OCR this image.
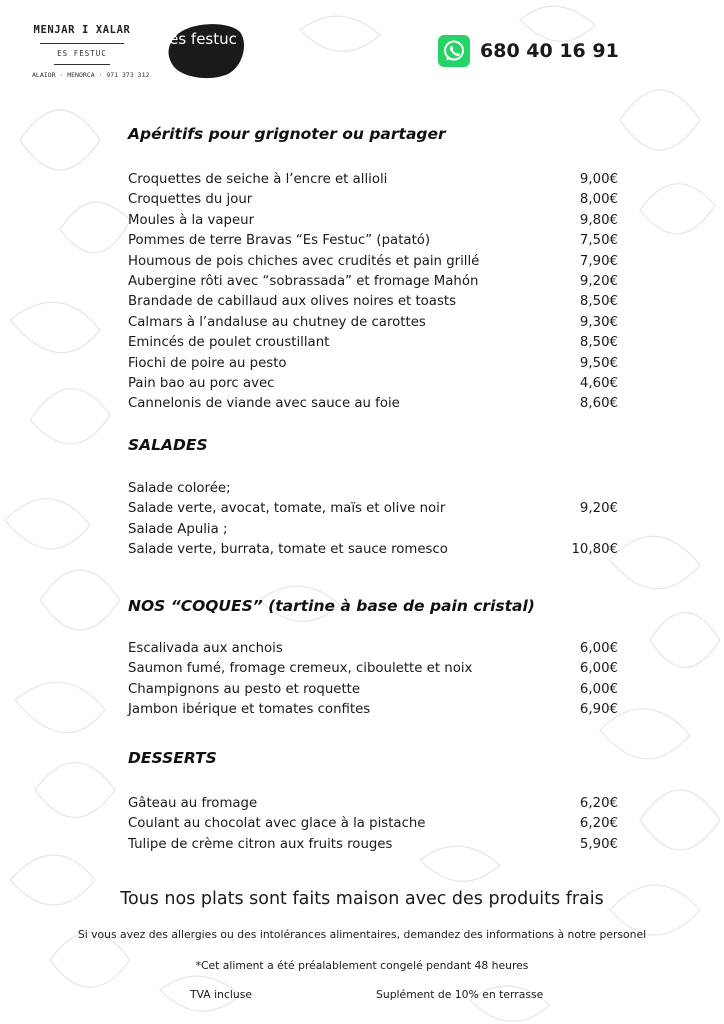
MENJAR I XALAR
ES FESTUC
ALAIOR · MENORCA · 971 373 312
es festuc
680 40 16 91
Apéritifs pour grignoter ou partager
Croquettes de seiche à l’encre et allioli	9,00€
Croquettes du jour	8,00€
Moules à la vapeur	9,80€
Pommes de terre Bravas “Es Festuc” (patató)	7,50€
Houmous de pois chiches avec crudités et pain grillé	7,90€
Aubergine rôti avec “sobrassada” et fromage Mahón	9,20€
Brandade de cabillaud aux olives noires et toasts	8,50€
Calmars à l’andaluse au chutney de carottes	9,30€
Emincés de poulet croustillant	8,50€
Fiochi de poire au pesto	9,50€
Pain bao au porc avec	4,60€
Cannelonis de viande avec sauce au foie	8,60€
SALADES
Salade colorée;
Salade verte, avocat, tomate, maïs et olive noir	9,20€
Salade Apulia ;
Salade verte, burrata, tomate et sauce romesco	10,80€
NOS “COQUES” (tartine à base de pain cristal)
Escalivada aux anchois	6,00€
Saumon fumé, fromage cremeux, ciboulette et noix	6,00€
Champignons au pesto et roquette	6,00€
Jambon ibérique et tomates confites	6,90€
DESSERTS
Gâteau au fromage	6,20€
Coulant au chocolat avec glace à la pistache	6,20€
Tulipe de crème citron aux fruits rouges	5,90€
Tous nos plats sont faits maison avec des produits frais
Si vous avez des allergies ou des intolérances alimentaires, demandez des informations à notre personel
*Cet aliment a été préalablement congelé pendant 48 heures
TVA incluse	Suplément de 10% en terrasse
